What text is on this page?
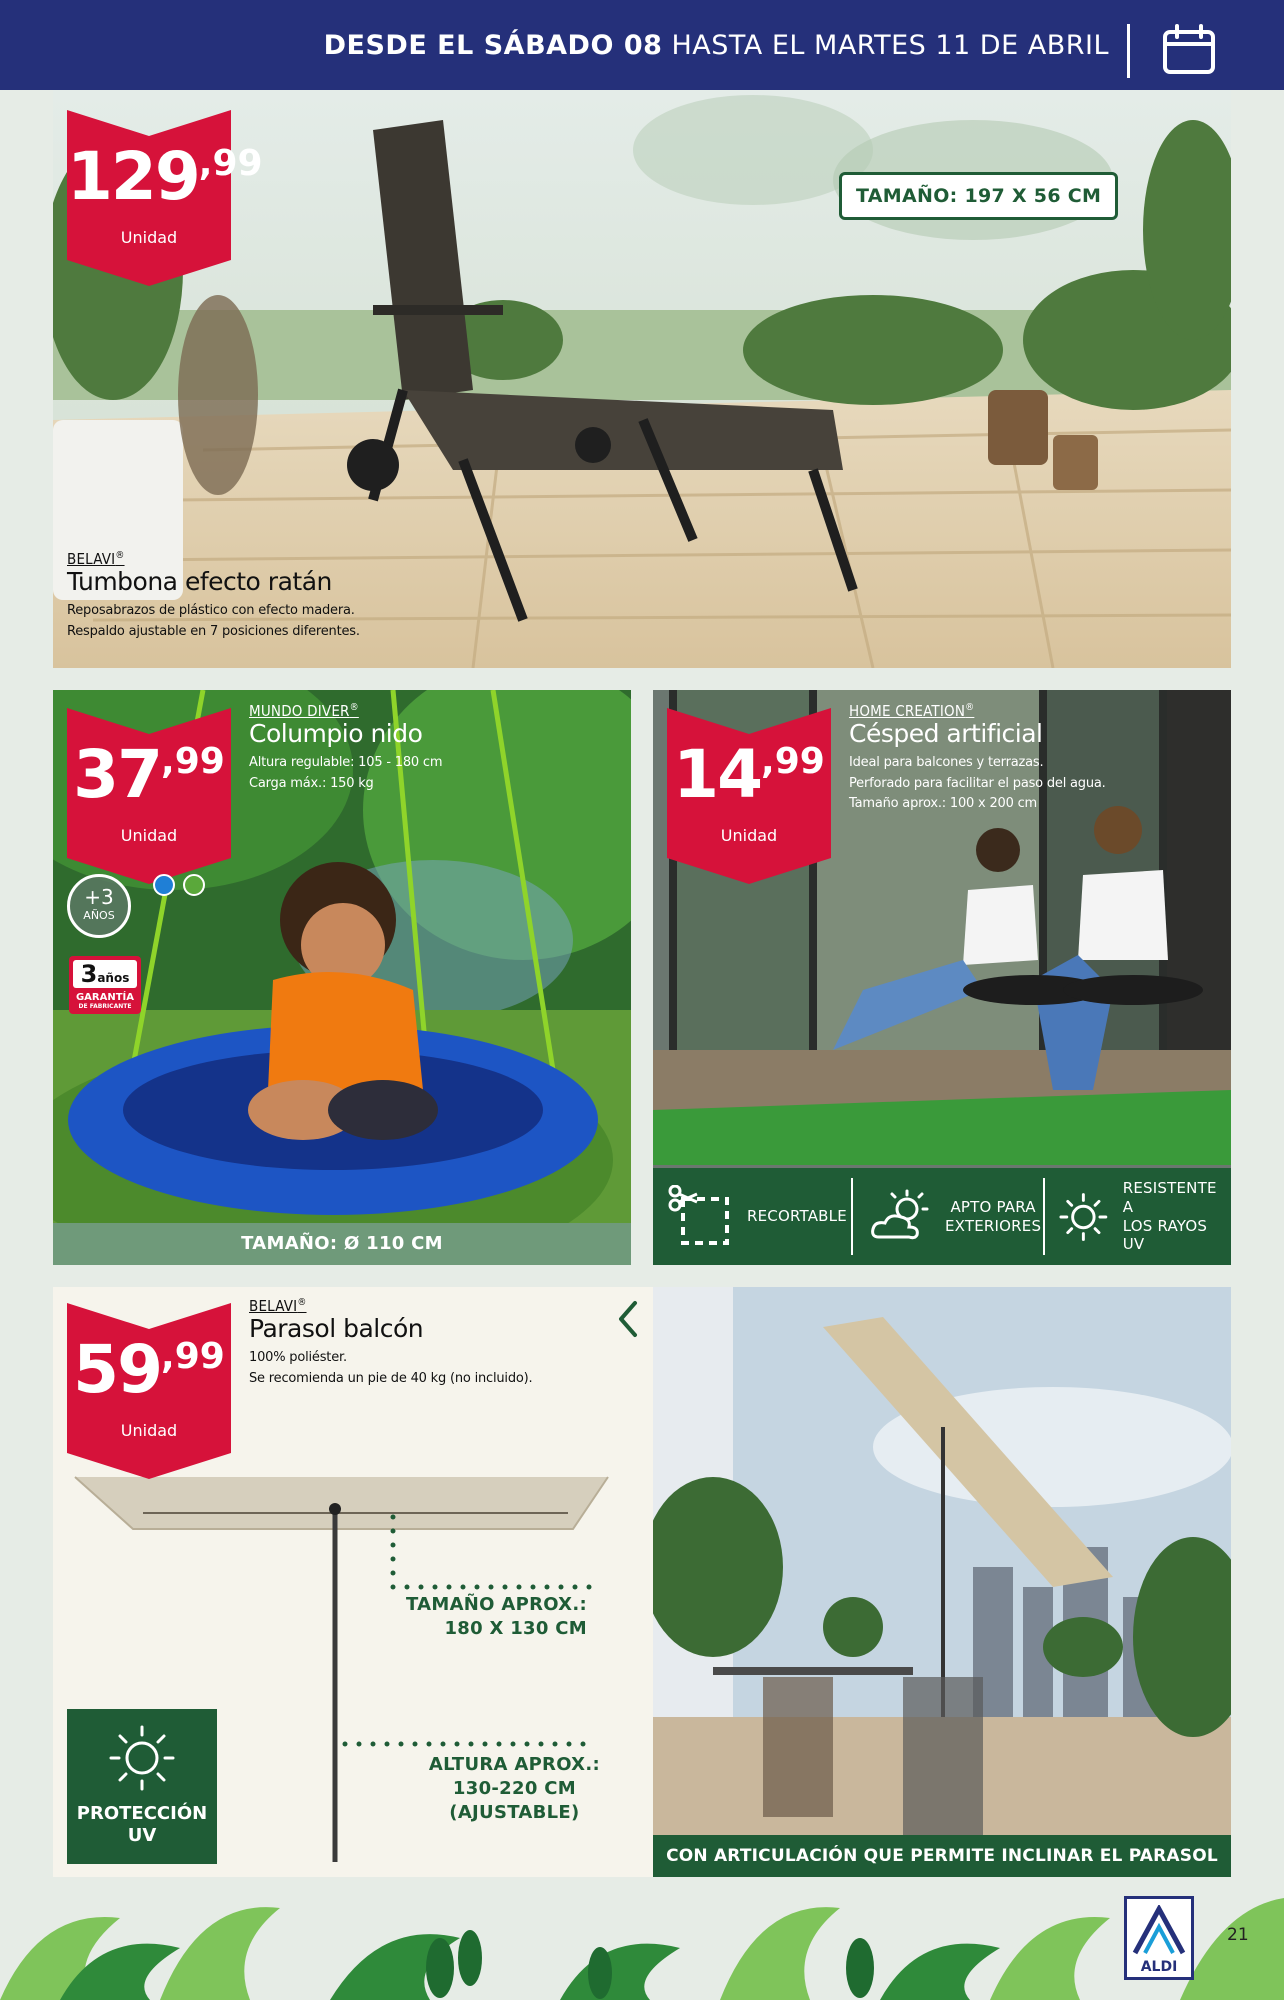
DESDE EL SÁBADO 08 HASTA EL MARTES 11 DE ABRIL
$129^{,99}$
Unidad
TAMAÑO: 197 X 56 CM
BELAVI®
Tumbona efecto ratán
Reposabrazos de plástico con efecto madera.
Respaldo ajustable en 7 posiciones diferentes.
$37^{,99}$
Unidad
MUNDO DIVER®
Columpio nido
Altura regulable: 105 - 180 cm
Carga máx.: 150 kg
+3
AÑOS
3años
GARANTÍA
DE FABRICANTE
TAMAÑO: Ø 110 CM
$14^{,99}$
Unidad
HOME CREATION®
Césped artificial
Ideal para balcones y terrazas.
Perforado para facilitar el paso del agua.
Tamaño aprox.: 100 x 200 cm
RECORTABLE
APTO PARA
EXTERIORES
RESISTENTE A
LOS RAYOS UV
$59^{,99}$
Unidad
BELAVI®
Parasol balcón
100% poliéster.
Se recomienda un pie de 40 kg (no incluido).
TAMAÑO APROX.:
180 X 130 CM
ALTURA APROX.:
130-220 CM
(AJUSTABLE)
PROTECCIÓN
UV
CON ARTICULACIÓN QUE PERMITE INCLINAR EL PARASOL
ALDI
21
